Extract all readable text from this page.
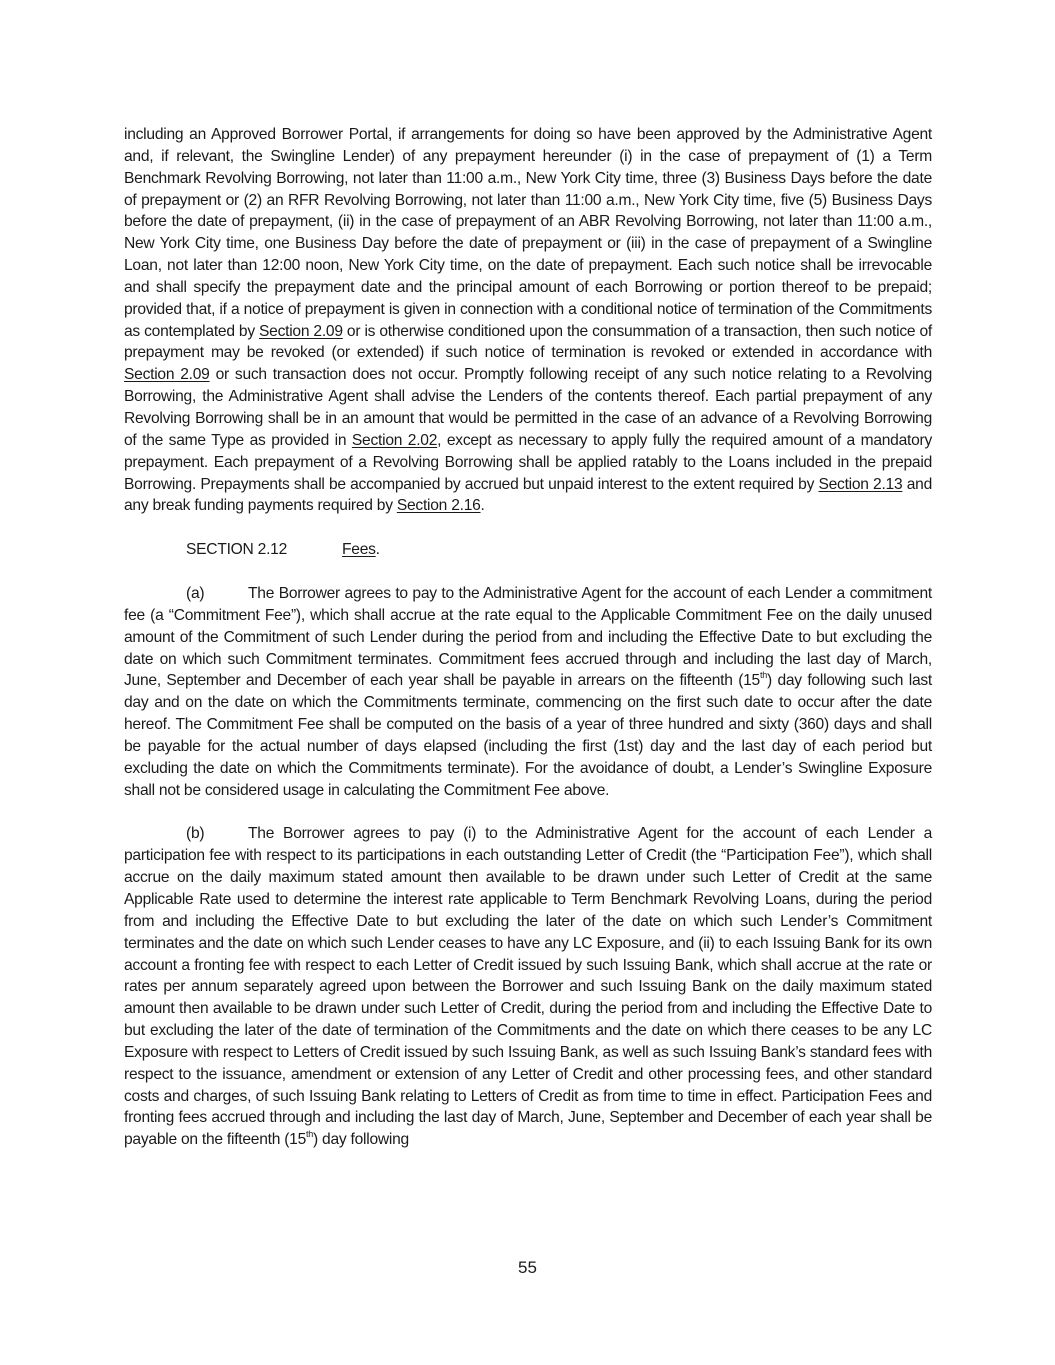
including an Approved Borrower Portal, if arrangements for doing so have been approved by the Administrative Agent and, if relevant, the Swingline Lender) of any prepayment hereunder (i) in the case of prepayment of (1) a Term Benchmark Revolving Borrowing, not later than 11:00 a.m., New York City time, three (3) Business Days before the date of prepayment or (2) an RFR Revolving Borrowing, not later than 11:00 a.m., New York City time, five (5) Business Days before the date of prepayment, (ii) in the case of prepayment of an ABR Revolving Borrowing, not later than 11:00 a.m., New York City time, one Business Day before the date of prepayment or (iii) in the case of prepayment of a Swingline Loan, not later than 12:00 noon, New York City time, on the date of prepayment. Each such notice shall be irrevocable and shall specify the prepayment date and the principal amount of each Borrowing or portion thereof to be prepaid; provided that, if a notice of prepayment is given in connection with a conditional notice of termination of the Commitments as contemplated by Section 2.09 or is otherwise conditioned upon the consummation of a transaction, then such notice of prepayment may be revoked (or extended) if such notice of termination is revoked or extended in accordance with Section 2.09 or such transaction does not occur. Promptly following receipt of any such notice relating to a Revolving Borrowing, the Administrative Agent shall advise the Lenders of the contents thereof. Each partial prepayment of any Revolving Borrowing shall be in an amount that would be permitted in the case of an advance of a Revolving Borrowing of the same Type as provided in Section 2.02, except as necessary to apply fully the required amount of a mandatory prepayment. Each prepayment of a Revolving Borrowing shall be applied ratably to the Loans included in the prepaid Borrowing. Prepayments shall be accompanied by accrued but unpaid interest to the extent required by Section 2.13 and any break funding payments required by Section 2.16.

SECTION 2.12	Fees.

(a)	The Borrower agrees to pay to the Administrative Agent for the account of each Lender a commitment fee (a “Commitment Fee”), which shall accrue at the rate equal to the Applicable Commitment Fee on the daily unused amount of the Commitment of such Lender during the period from and including the Effective Date to but excluding the date on which such Commitment terminates. Commitment fees accrued through and including the last day of March, June, September and December of each year shall be payable in arrears on the fifteenth (15th) day following such last day and on the date on which the Commitments terminate, commencing on the first such date to occur after the date hereof. The Commitment Fee shall be computed on the basis of a year of three hundred and sixty (360) days and shall be payable for the actual number of days elapsed (including the first (1st) day and the last day of each period but excluding the date on which the Commitments terminate). For the avoidance of doubt, a Lender’s Swingline Exposure shall not be considered usage in calculating the Commitment Fee above.

(b)	The Borrower agrees to pay (i) to the Administrative Agent for the account of each Lender a participation fee with respect to its participations in each outstanding Letter of Credit (the “Participation Fee”), which shall accrue on the daily maximum stated amount then available to be drawn under such Letter of Credit at the same Applicable Rate used to determine the interest rate applicable to Term Benchmark Revolving Loans, during the period from and including the Effective Date to but excluding the later of the date on which such Lender’s Commitment terminates and the date on which such Lender ceases to have any LC Exposure, and (ii) to each Issuing Bank for its own account a fronting fee with respect to each Letter of Credit issued by such Issuing Bank, which shall accrue at the rate or rates per annum separately agreed upon between the Borrower and such Issuing Bank on the daily maximum stated amount then available to be drawn under such Letter of Credit, during the period from and including the Effective Date to but excluding the later of the date of termination of the Commitments and the date on which there ceases to be any LC Exposure with respect to Letters of Credit issued by such Issuing Bank, as well as such Issuing Bank’s standard fees with respect to the issuance, amendment or extension of any Letter of Credit and other processing fees, and other standard costs and charges, of such Issuing Bank relating to Letters of Credit as from time to time in effect. Participation Fees and fronting fees accrued through and including the last day of March, June, September and December of each year shall be payable on the fifteenth (15th) day following

55
